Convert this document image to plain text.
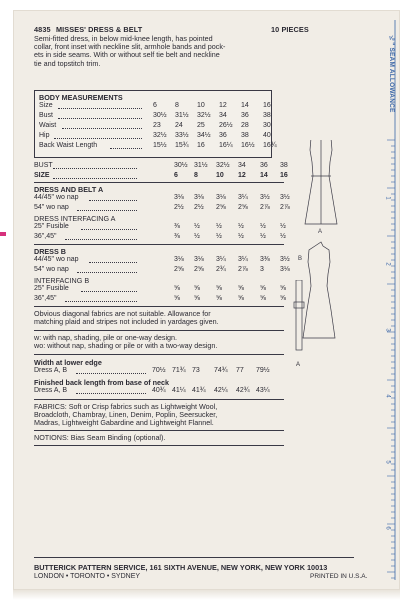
4835 MISSES' DRESS & BELT	10 PIECES
Semi-fitted dress, in below mid-knee length, has pointed
collar, front inset with neckline slit, armhole bands and pock-
ets in side seams. With or without self tie belt and neckline
tie and topstitch trim.
BODY MEASUREMENTS
Size	6	8	10	12	14	16
Bust	30½	31½	32½	34	36	38
Waist	23	24	25	26½	28	30
Hip	32½	33½	34½	36	38	40
Back Waist Length	15½	15¾	16	16¼	16½	16¾
BUST	30½ 31½	32½	34	36	38
SIZE	6	8	10	12	14	16
DRESS AND BELT A
44/45" wo nap	3⅛	3⅛	3⅛	3¼	3½	3½
54" wo nap	2½	2½	2⅝	2⅝	2⅞	2⅞
DRESS INTERFACING A
25" Fusible	⅜	½	½	½	½	½
36",45"	⅜	½	½	½	½	½
DRESS B
44/45" wo nap	3⅛	3⅛	3¼	3¼	3⅜	3½
54" wo nap	2⅝	2⅝	2¾	2⅞	3	3⅛
INTERFACING B
25" Fusible	⅝	⅝	⅝	⅝	⅝	⅝
36",45"	⅝	⅝	⅝	⅝	⅝	⅝
Obvious diagonal fabrics are not suitable. Allowance for
matching plaid and stripes not included in yardages given.
w: with nap, shading, pile or one-way design.
wo: without nap, shading or pile or with a two-way design.
Width at lower edge
Dress A, B	70½ 71¾ 73	74¾	77	79½
Finished back length from base of neck
Dress A, B	40¾ 41¼ 41¾	42¼	42¾ 43¼
FABRICS: Soft or Crisp fabrics such as Lightweight Wool,
Broadcloth, Chambray, Linen, Denim, Poplin, Seersucker,
Madras, Lightweight Gabardine and Lightweight Flannel.
NOTIONS: Bias Seam Binding (optional).
BUTTERICK PATTERN SERVICE, 161 SIXTH AVENUE, NEW YORK, NEW YORK 10013
LONDON • TORONTO • SYDNEY	PRINTED IN U.S.A.
⅝" SEAM ALLOWANCE
A
B
A
1
2
3
4
5
6
